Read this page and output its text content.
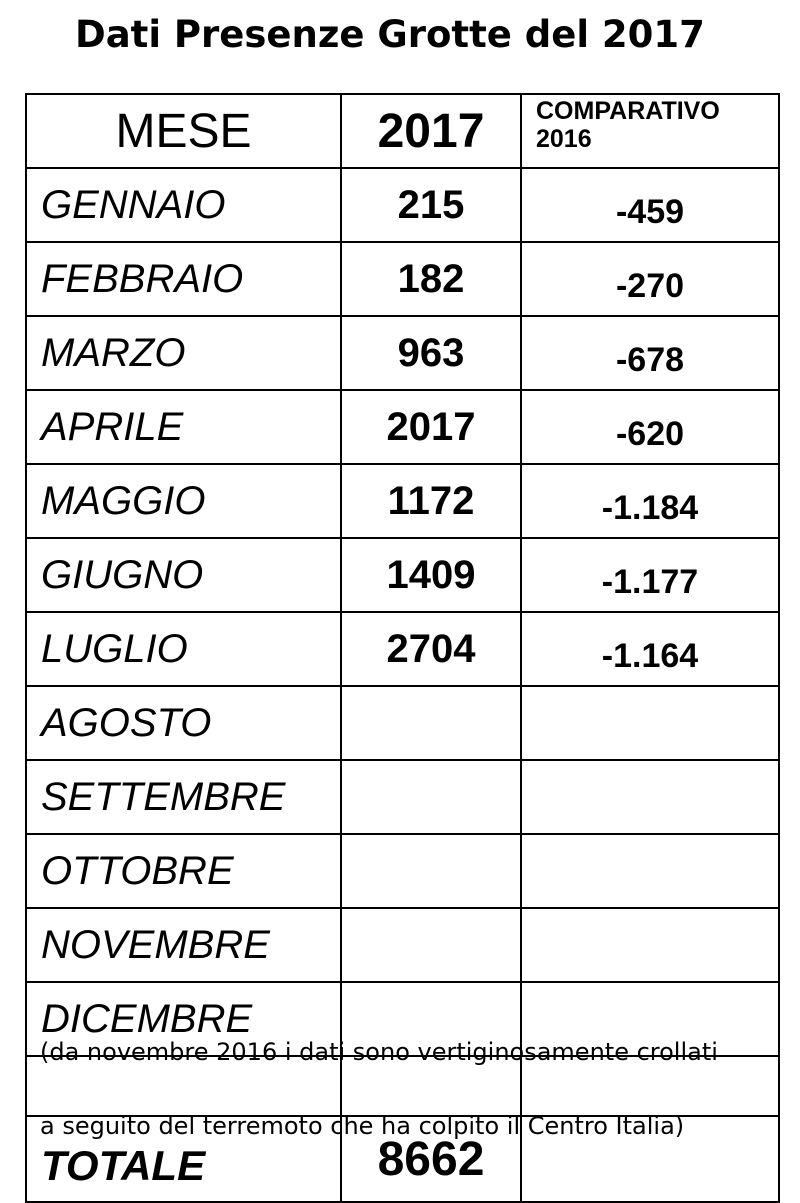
Dati Presenze Grotte del 2017
MESE	2017	COMPARATIVO
2016

GENNAIO	215	-459
FEBBRAIO	182	-270
MARZO	963	-678
APRILE	2017	-620
MAGGIO	1172	-1.184
GIUGNO	1409	-1.177
LUGLIO	2704	-1.164
AGOSTO		
SETTEMBRE		
OTTOBRE		
NOVEMBRE		
DICEMBRE		

TOTALE	8662	
(da novembre 2016 i dati sono vertiginosamente crollati
a seguito del terremoto che ha colpito il Centro Italia)
